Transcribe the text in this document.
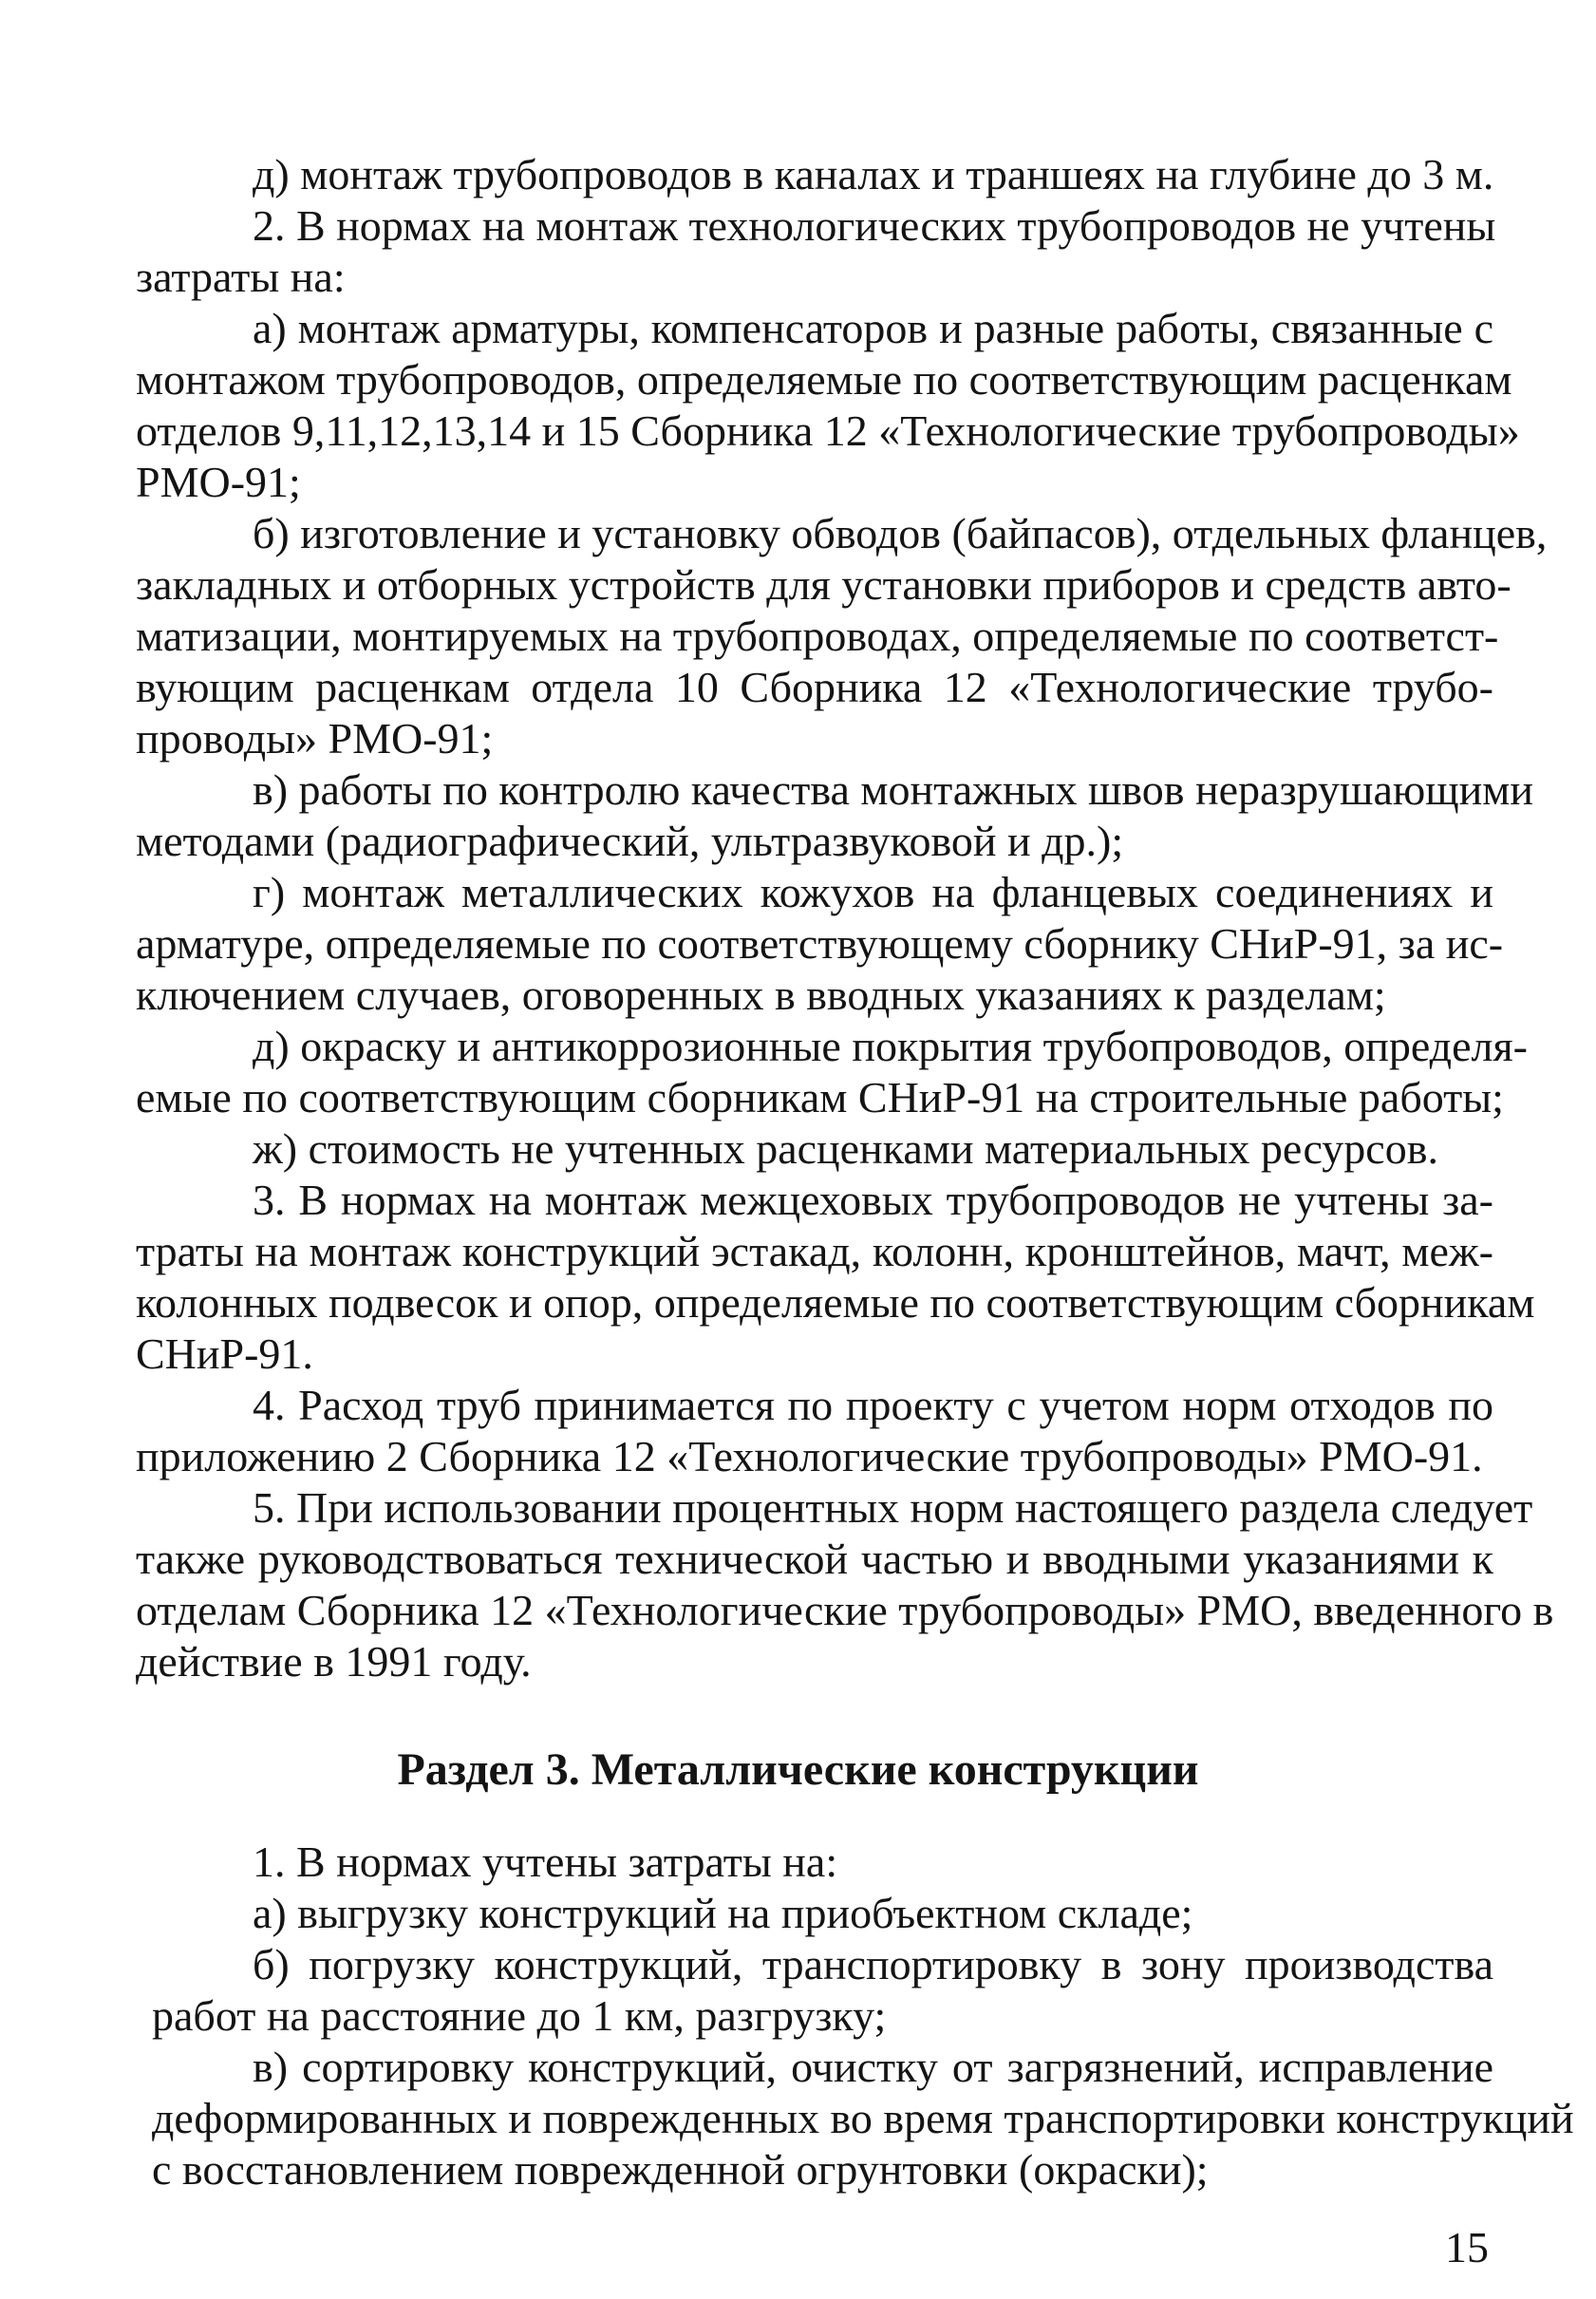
д) монтаж трубопроводов в каналах и траншеях на глубине до 3 м.
2. В нормах на монтаж технологических трубопроводов не учтены
затраты на:
а) монтаж арматуры, компенсаторов и разные работы, связанные с
монтажом трубопроводов, определяемые по соответствующим расценкам
отделов 9,11,12,13,14 и 15 Сборника 12 «Технологические трубопроводы»
РМО-91;
б) изготовление и установку обводов (байпасов), отдельных фланцев,
закладных и отборных устройств для установки приборов и средств авто-
матизации, монтируемых на трубопроводах, определяемые по соответст-
вующим расценкам отдела 10 Сборника 12 «Технологические трубо-
проводы» РМО-91;
в) работы по контролю качества монтажных швов неразрушающими
методами (радиографический, ультразвуковой и др.);
г) монтаж металлических кожухов на фланцевых соединениях и
арматуре, определяемые по соответствующему сборнику СНиР-91, за ис-
ключением случаев, оговоренных в вводных указаниях к разделам;
д) окраску и антикоррозионные покрытия трубопроводов, определя-
емые по соответствующим сборникам СНиР-91 на строительные работы;
ж) стоимость не учтенных расценками материальных ресурсов.
3. В нормах на монтаж межцеховых трубопроводов не учтены за-
траты на монтаж конструкций эстакад, колонн, кронштейнов, мачт, меж-
колонных подвесок и опор, определяемые по соответствующим сборникам
СНиР-91.
4. Расход труб принимается по проекту с учетом норм отходов по
приложению 2 Сборника 12 «Технологические трубопроводы» РМО-91.
5. При использовании процентных норм настоящего раздела следует
также руководствоваться технической частью и вводными указаниями к
отделам Сборника 12 «Технологические трубопроводы» РМО, введенного в
действие в 1991 году.
Раздел 3. Металлические конструкции
1. В нормах учтены затраты на:
а) выгрузку конструкций на приобъектном складе;
б) погрузку конструкций, транспортировку в зону производства
работ на расстояние до 1 км, разгрузку;
в) сортировку конструкций, очистку от загрязнений, исправление
деформированных и поврежденных во время транспортировки конструкций
с восстановлением поврежденной огрунтовки (окраски);
15
